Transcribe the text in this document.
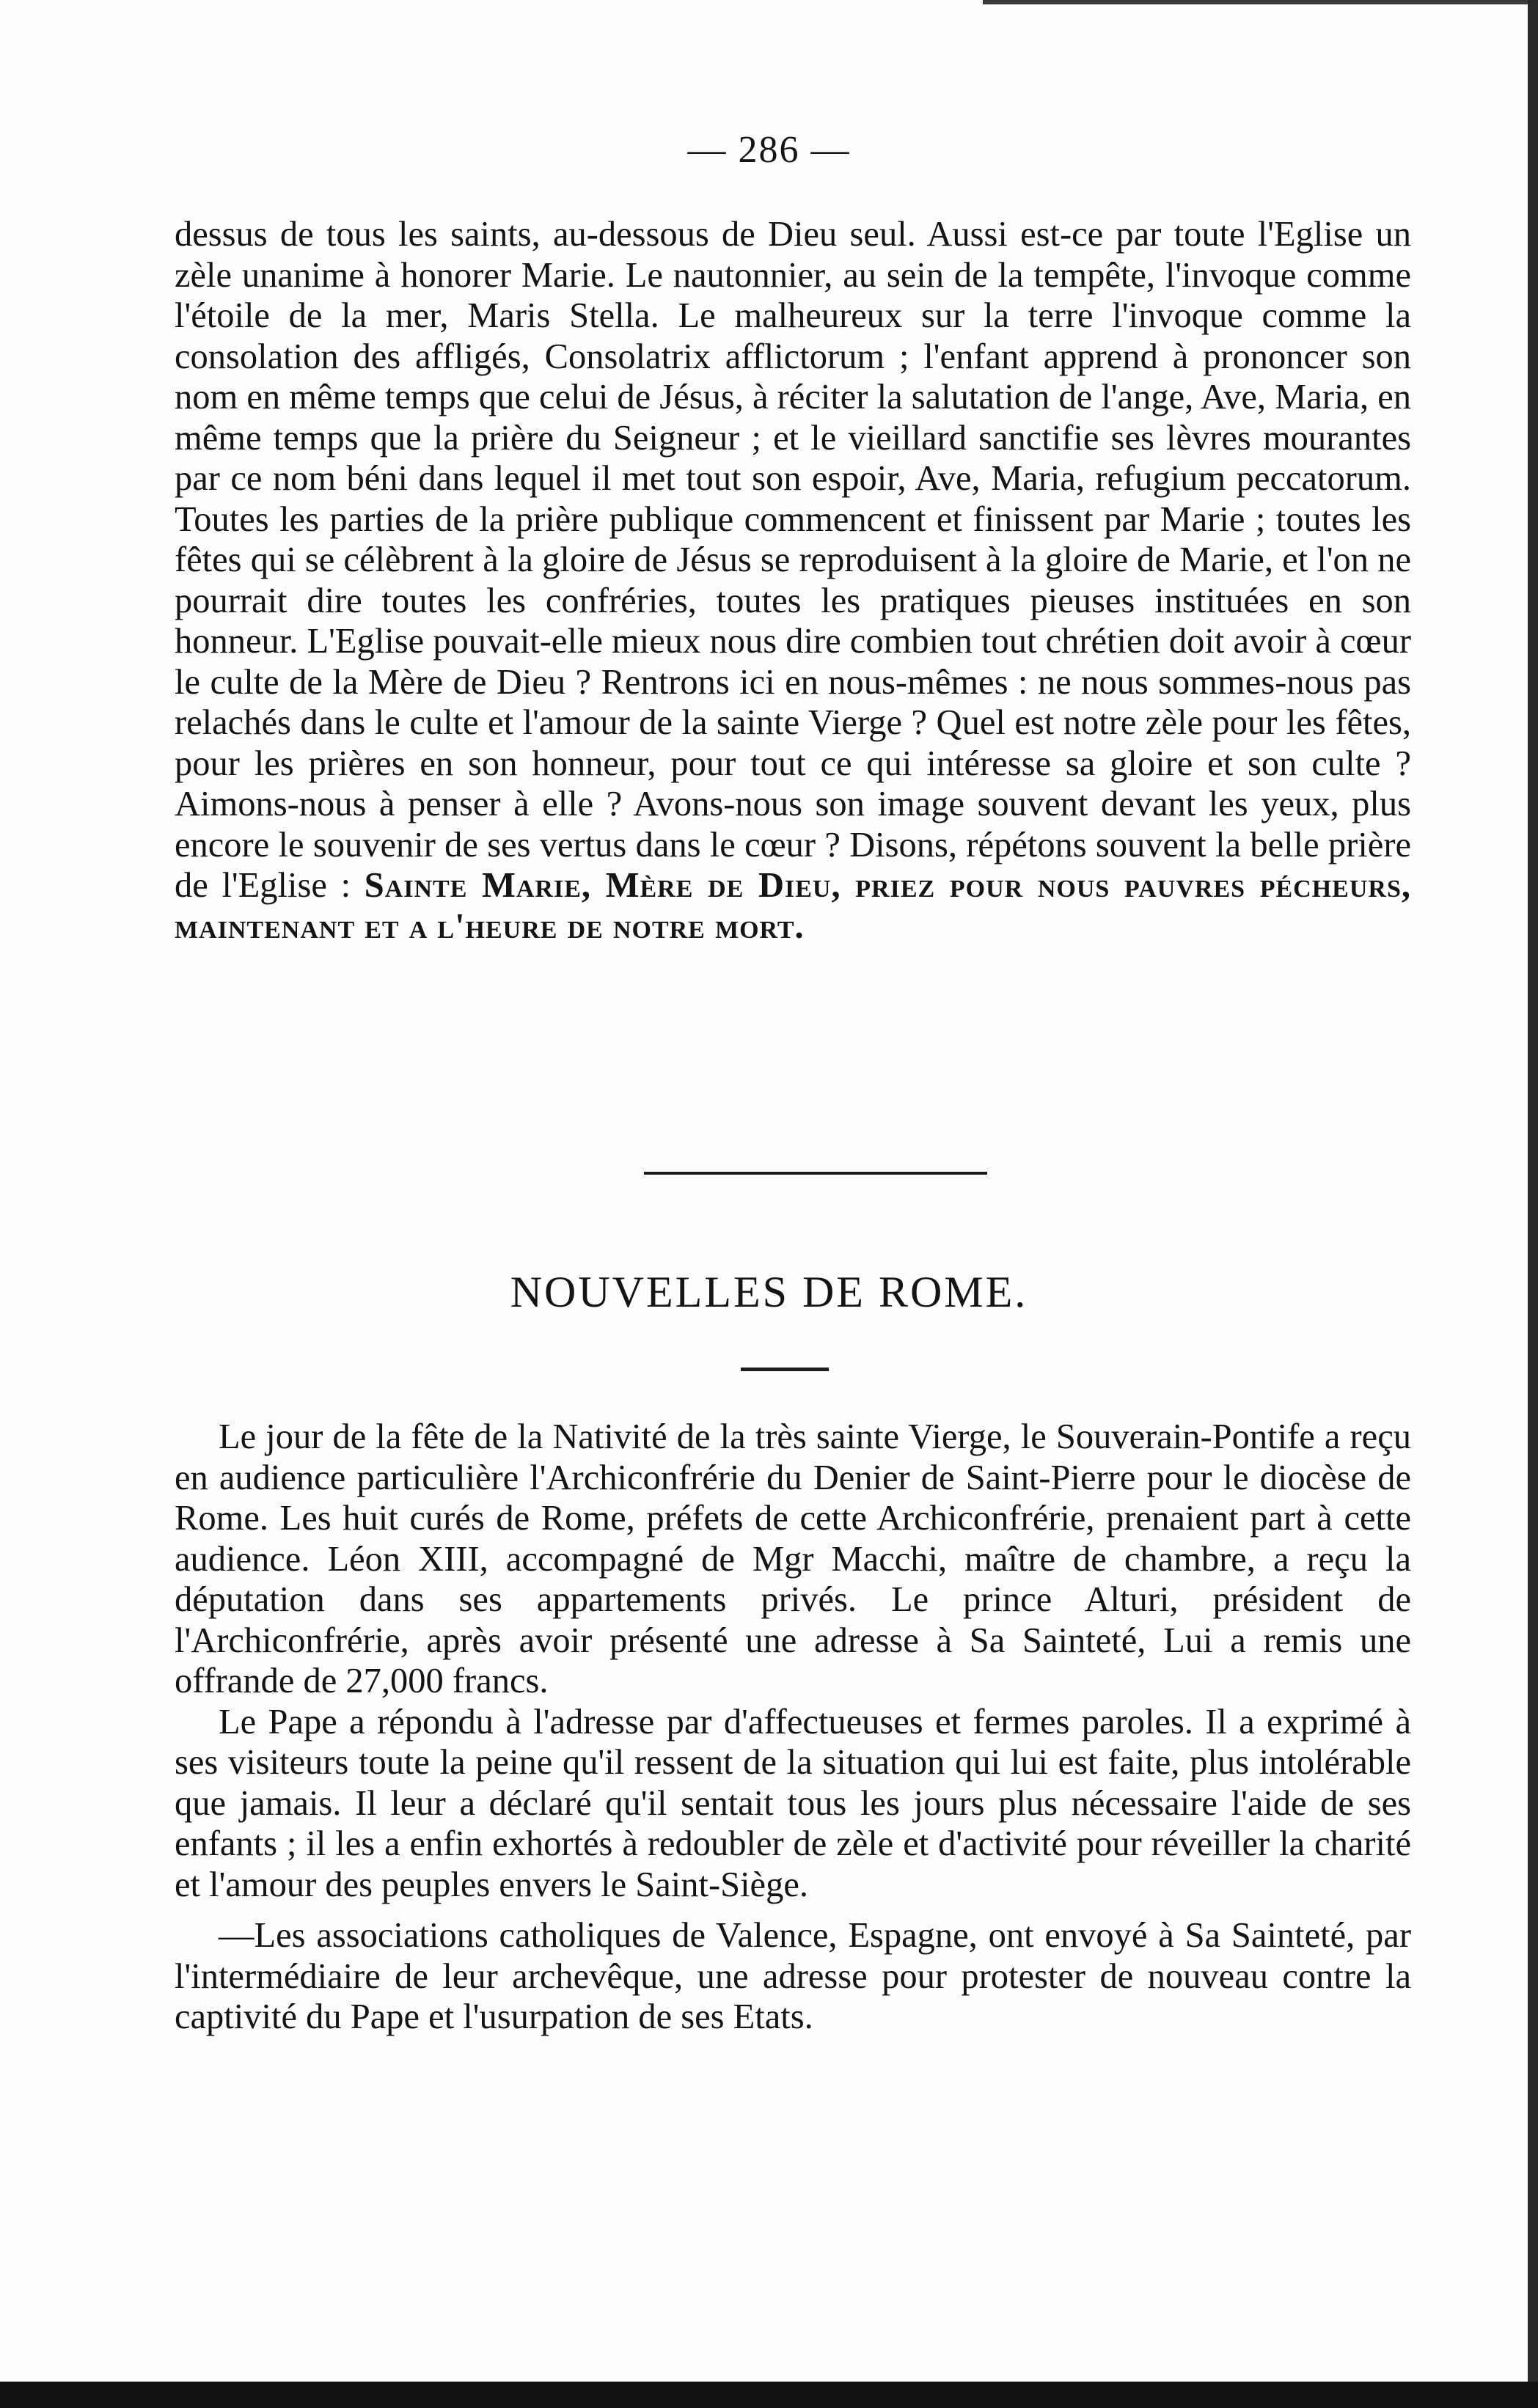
— 286 —

dessus de tous les saints, au-dessous de Dieu seul. Aussi est-ce par toute l'Eglise un zèle unanime à honorer Marie. Le nautonnier, au sein de la tempête, l'invoque comme l'étoile de la mer, Maris Stella. Le malheureux sur la terre l'invoque comme la consolation des affligés, Consolatrix afflictorum ; l'enfant apprend à prononcer son nom en même temps que celui de Jésus, à réciter la salutation de l'ange, Ave, Maria, en même temps que la prière du Seigneur ; et le vieillard sanctifie ses lèvres mourantes par ce nom béni dans lequel il met tout son espoir, Ave, Maria, refugium peccatorum. Toutes les parties de la prière publique commencent et finissent par Marie ; toutes les fêtes qui se célèbrent à la gloire de Jésus se reproduisent à la gloire de Marie, et l'on ne pourrait dire toutes les confréries, toutes les pratiques pieuses instituées en son honneur. L'Eglise pouvait-elle mieux nous dire combien tout chrétien doit avoir à cœur le culte de la Mère de Dieu ? Rentrons ici en nous-mêmes : ne nous sommes-nous pas relachés dans le culte et l'amour de la sainte Vierge ? Quel est notre zèle pour les fêtes, pour les prières en son honneur, pour tout ce qui intéresse sa gloire et son culte ? Aimons-nous à penser à elle ? Avons-nous son image souvent devant les yeux, plus encore le souvenir de ses vertus dans le cœur ? Disons, répétons souvent la belle prière de l'Eglise : Sainte Marie, Mère de Dieu, priez pour nous pauvres pécheurs, maintenant et a l'heure de notre mort.

NOUVELLES DE ROME.

Le jour de la fête de la Nativité de la très sainte Vierge, le Souverain-Pontife a reçu en audience particulière l'Archiconfrérie du Denier de Saint-Pierre pour le diocèse de Rome. Les huit curés de Rome, préfets de cette Archiconfrérie, prenaient part à cette audience. Léon XIII, accompagné de Mgr Macchi, maître de chambre, a reçu la députation dans ses appartements privés. Le prince Alturi, président de l'Archiconfrérie, après avoir présenté une adresse à Sa Sainteté, Lui a remis une offrande de 27,000 francs.

Le Pape a répondu à l'adresse par d'affectueuses et fermes paroles. Il a exprimé à ses visiteurs toute la peine qu'il ressent de la situation qui lui est faite, plus intolérable que jamais. Il leur a déclaré qu'il sentait tous les jours plus nécessaire l'aide de ses enfants ; il les a enfin exhortés à redoubler de zèle et d'activité pour réveiller la charité et l'amour des peuples envers le Saint-Siège.

—Les associations catholiques de Valence, Espagne, ont envoyé à Sa Sainteté, par l'intermédiaire de leur archevêque, une adresse pour protester de nouveau contre la captivité du Pape et l'usurpation de ses Etats.
